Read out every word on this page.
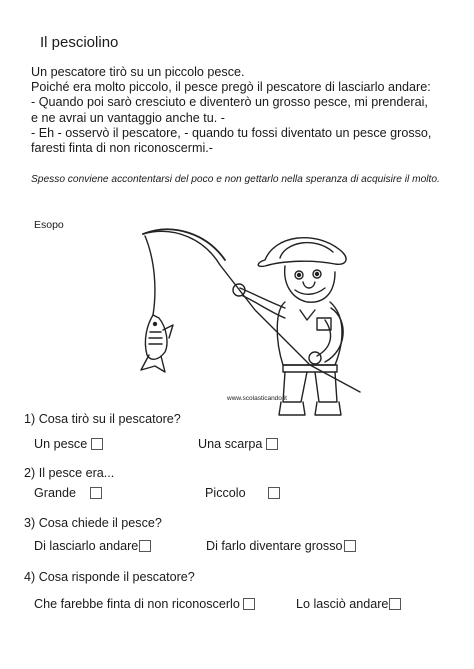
Il pesciolino
Un pescatore tirò su un piccolo pesce.
Poiché era molto piccolo, il pesce pregò il pescatore di lasciarlo andare:
- Quando poi sarò cresciuto e diventerò un grosso pesce, mi prenderai,
e ne avrai un vantaggio anche tu. -
- Eh - osservò il pescatore, - quando tu fossi diventato un pesce grosso,
faresti finta di non riconoscermi.-
Spesso conviene accontentarsi del poco e non gettarlo nella speranza di acquisire il molto.
Esopo
www.scolasticando.it
1) Cosa tirò su il pescatore?
Un pesce	Una scarpa
2) Il pesce era...
Grande	Piccolo
3) Cosa chiede il pesce?
Di lasciarlo andare	Di farlo diventare grosso
4) Cosa risponde il pescatore?
Che farebbe finta di non riconoscerlo	Lo lasciò andare
